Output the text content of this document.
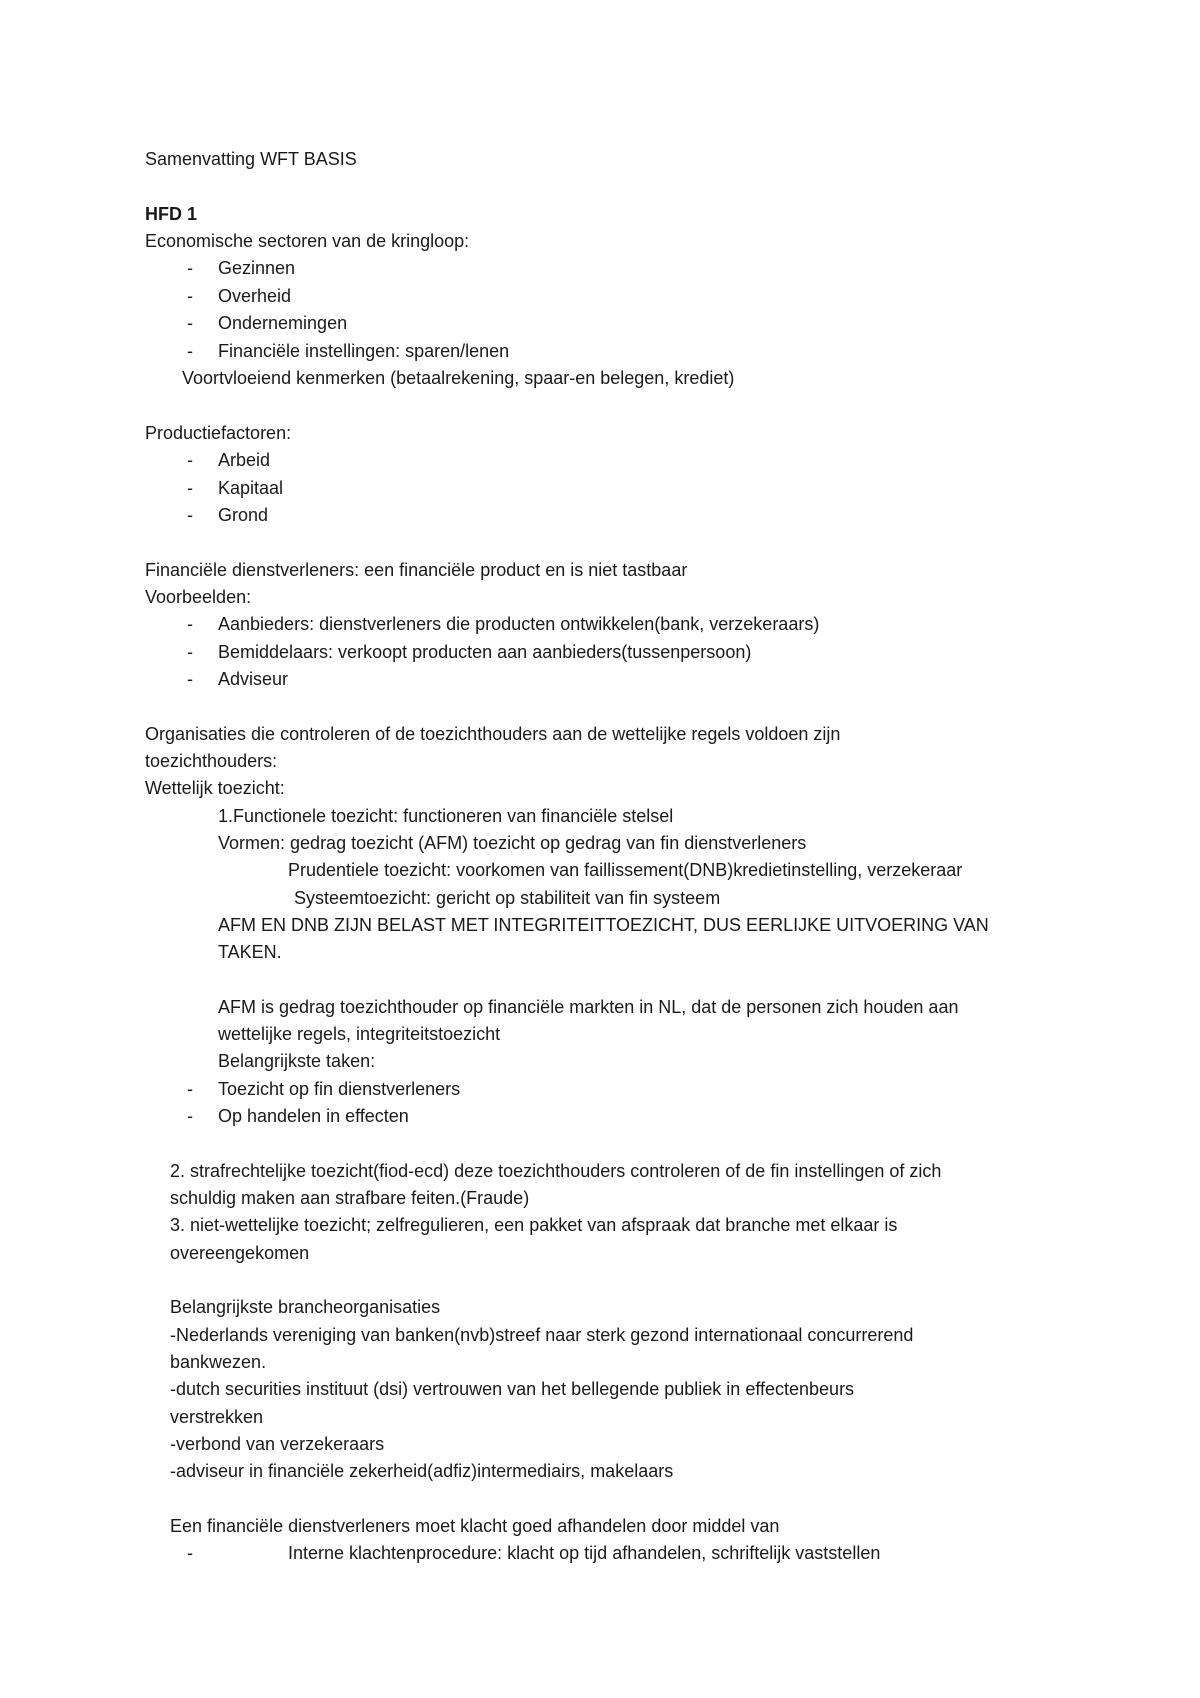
Samenvatting WFT BASIS

HFD 1

Economische sectoren van de kringloop:

- Gezinnen

- Overheid

- Ondernemingen

- Financiële instellingen: sparen/lenen

Voortvloeiend kenmerken (betaalrekening, spaar-en belegen, krediet)

Productiefactoren:

- Arbeid

- Kapitaal

- Grond

Financiële dienstverleners: een financiële product en is niet tastbaar

Voorbeelden:

- Aanbieders: dienstverleners die producten ontwikkelen(bank, verzekeraars)

- Bemiddelaars: verkoopt producten aan aanbieders(tussenpersoon)

- Adviseur

Organisaties die controleren of de toezichthouders aan de wettelijke regels voldoen zijn

toezichthouders:

Wettelijk toezicht:

1.Functionele toezicht: functioneren van financiële stelsel

Vormen: gedrag toezicht (AFM) toezicht op gedrag van fin dienstverleners

Prudentiele toezicht: voorkomen van faillissement(DNB)kredietinstelling, verzekeraar

Systeemtoezicht: gericht op stabiliteit van fin systeem

AFM EN DNB ZIJN BELAST MET INTEGRITEITTOEZICHT, DUS EERLIJKE UITVOERING VAN

TAKEN.

AFM is gedrag toezichthouder op financiële markten in NL, dat de personen zich houden aan

wettelijke regels, integriteitstoezicht

Belangrijkste taken:

- Toezicht op fin dienstverleners

- Op handelen in effecten

2. strafrechtelijke toezicht(fiod-ecd) deze toezichthouders controleren of de fin instellingen of zich

schuldig maken aan strafbare feiten.(Fraude)

3. niet-wettelijke toezicht; zelfregulieren, een pakket van afspraak dat branche met elkaar is

overeengekomen

Belangrijkste brancheorganisaties

-Nederlands vereniging van banken(nvb)streef naar sterk gezond internationaal concurrerend

bankwezen.

-dutch securities instituut (dsi) vertrouwen van het bellegende publiek in effectenbeurs

verstrekken

-verbond van verzekeraars

-adviseur in financiële zekerheid(adfiz)intermediairs, makelaars

Een financiële dienstverleners moet klacht goed afhandelen door middel van

-	Interne klachtenprocedure: klacht op tijd afhandelen, schriftelijk vaststellen
